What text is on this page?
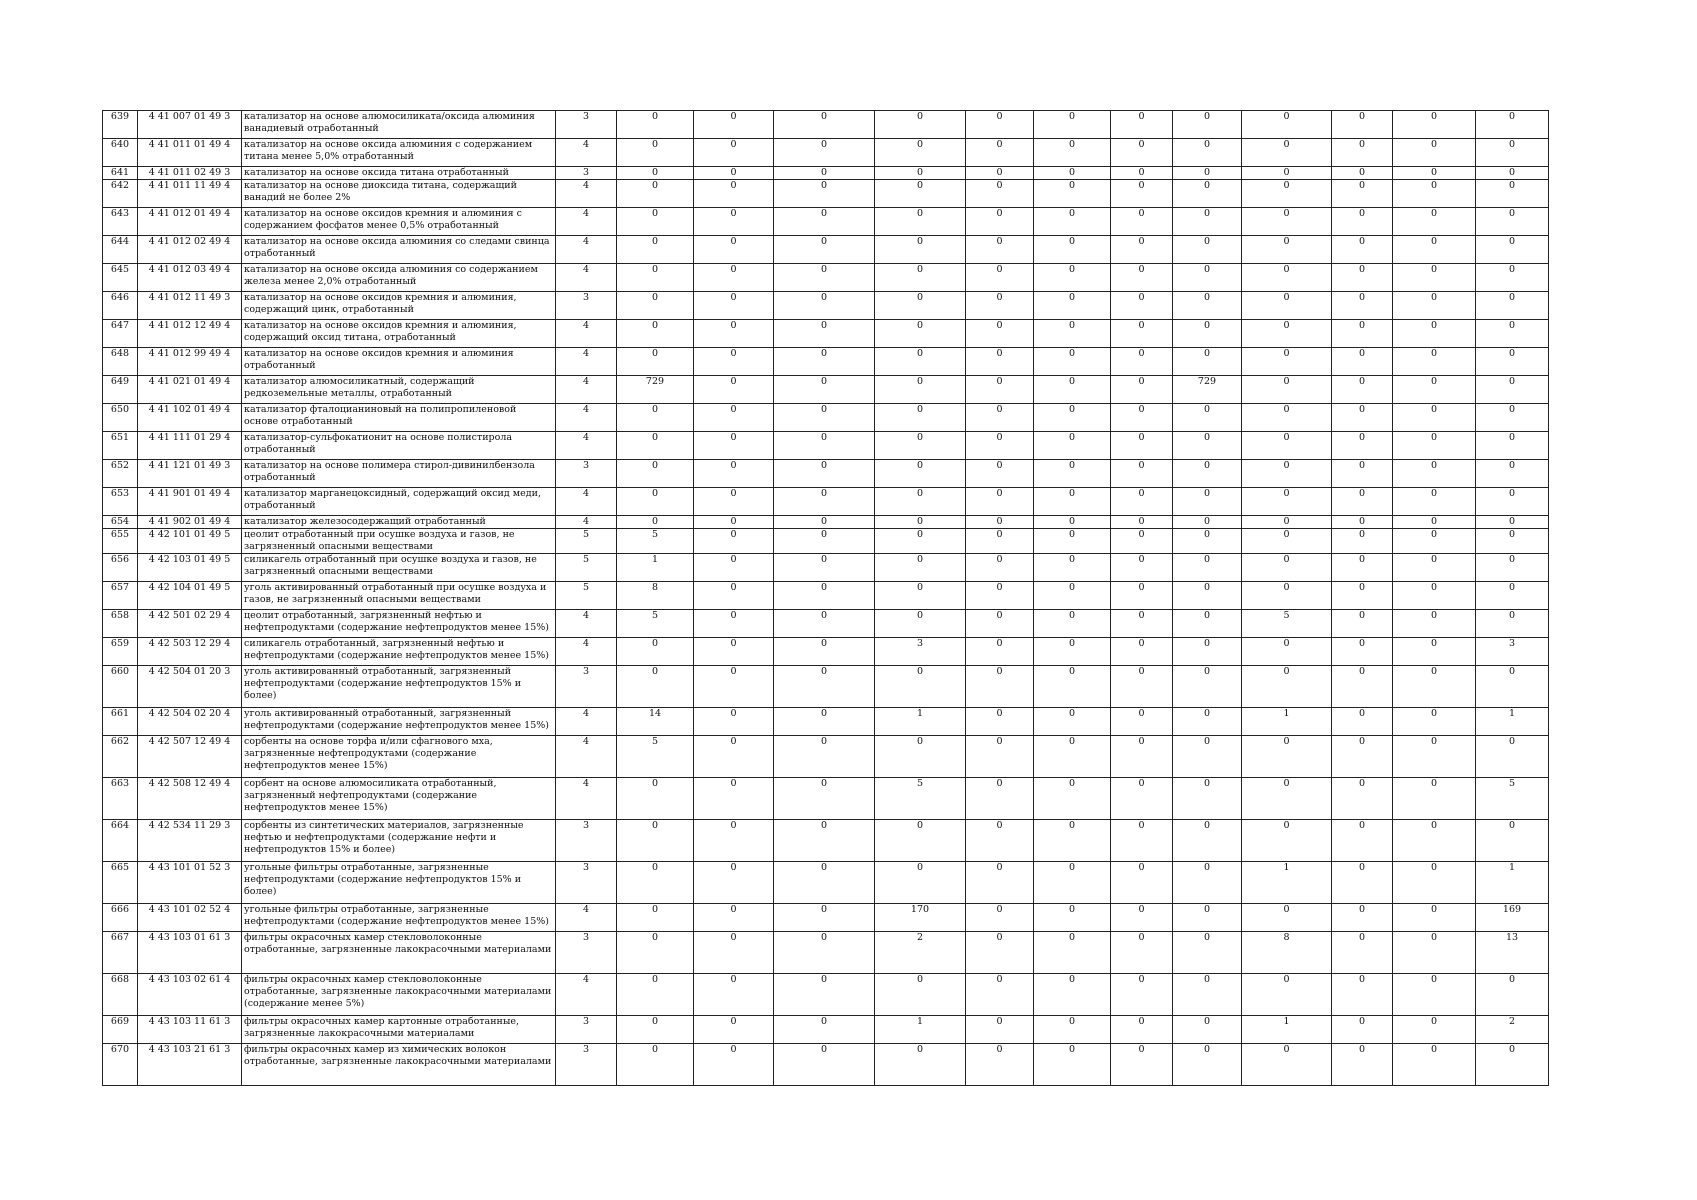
639	4 41 007 01 49 3	катализатор на основе алюмосиликата/оксида алюминия ванадиевый отработанный	3	0	0	0	0	0	0	0	0	0	0	0	0
640	4 41 011 01 49 4	катализатор на основе оксида алюминия с содержанием титана менее 5,0% отработанный	4	0	0	0	0	0	0	0	0	0	0	0	0
641	4 41 011 02 49 3	катализатор на основе оксида титана отработанный	3	0	0	0	0	0	0	0	0	0	0	0	0
642	4 41 011 11 49 4	катализатор на основе диоксида титана, содержащий ванадий не более 2%	4	0	0	0	0	0	0	0	0	0	0	0	0
643	4 41 012 01 49 4	катализатор на основе оксидов кремния и алюминия с содержанием фосфатов менее 0,5% отработанный	4	0	0	0	0	0	0	0	0	0	0	0	0
644	4 41 012 02 49 4	катализатор на основе оксида алюминия со следами свинца отработанный	4	0	0	0	0	0	0	0	0	0	0	0	0
645	4 41 012 03 49 4	катализатор на основе оксида алюминия со содержанием железа менее 2,0% отработанный	4	0	0	0	0	0	0	0	0	0	0	0	0
646	4 41 012 11 49 3	катализатор на основе оксидов кремния и алюминия, содержащий цинк, отработанный	3	0	0	0	0	0	0	0	0	0	0	0	0
647	4 41 012 12 49 4	катализатор на основе оксидов кремния и алюминия, содержащий оксид титана, отработанный	4	0	0	0	0	0	0	0	0	0	0	0	0
648	4 41 012 99 49 4	катализатор на основе оксидов кремния и алюминия отработанный	4	0	0	0	0	0	0	0	0	0	0	0	0
649	4 41 021 01 49 4	катализатор алюмосиликатный, содержащий редкоземельные металлы, отработанный	4	729	0	0	0	0	0	0	729	0	0	0	0
650	4 41 102 01 49 4	катализатор фталоцианиновый на полипропиленовой основе отработанный	4	0	0	0	0	0	0	0	0	0	0	0	0
651	4 41 111 01 29 4	катализатор-сульфокатионит на основе полистирола отработанный	4	0	0	0	0	0	0	0	0	0	0	0	0
652	4 41 121 01 49 3	катализатор на основе полимера стирол-дивинилбензола отработанный	3	0	0	0	0	0	0	0	0	0	0	0	0
653	4 41 901 01 49 4	катализатор марганецоксидный, содержащий оксид меди, отработанный	4	0	0	0	0	0	0	0	0	0	0	0	0
654	4 41 902 01 49 4	катализатор железосодержащий отработанный	4	0	0	0	0	0	0	0	0	0	0	0	0
655	4 42 101 01 49 5	цеолит отработанный при осушке воздуха и газов, не загрязненный опасными веществами	5	5	0	0	0	0	0	0	0	0	0	0	0
656	4 42 103 01 49 5	силикагель отработанный при осушке воздуха и газов, не загрязненный опасными веществами	5	1	0	0	0	0	0	0	0	0	0	0	0
657	4 42 104 01 49 5	уголь активированный отработанный при осушке воздуха и газов, не загрязненный опасными веществами	5	8	0	0	0	0	0	0	0	0	0	0	0
658	4 42 501 02 29 4	цеолит отработанный, загрязненный нефтью и нефтепродуктами (содержание нефтепродуктов менее 15%)	4	5	0	0	0	0	0	0	0	5	0	0	0
659	4 42 503 12 29 4	силикагель отработанный, загрязненный нефтью и нефтепродуктами (содержание нефтепродуктов менее 15%)	4	0	0	0	3	0	0	0	0	0	0	0	3
660	4 42 504 01 20 3	уголь активированный отработанный, загрязненный нефтепродуктами (содержание нефтепродуктов 15% и более)	3	0	0	0	0	0	0	0	0	0	0	0	0
661	4 42 504 02 20 4	уголь активированный отработанный, загрязненный нефтепродуктами (содержание нефтепродуктов менее 15%)	4	14	0	0	1	0	0	0	0	1	0	0	1
662	4 42 507 12 49 4	сорбенты на основе торфа и/или сфагнового мха, загрязненные нефтепродуктами (содержание нефтепродуктов менее 15%)	4	5	0	0	0	0	0	0	0	0	0	0	0
663	4 42 508 12 49 4	сорбент на основе алюмосиликата отработанный, загрязненный нефтепродуктами (содержание нефтепродуктов менее 15%)	4	0	0	0	5	0	0	0	0	0	0	0	5
664	4 42 534 11 29 3	сорбенты из синтетических материалов, загрязненные нефтью и нефтепродуктами (содержание нефти и нефтепродуктов 15% и более)	3	0	0	0	0	0	0	0	0	0	0	0	0
665	4 43 101 01 52 3	угольные фильтры отработанные, загрязненные нефтепродуктами (содержание нефтепродуктов 15% и более)	3	0	0	0	0	0	0	0	0	1	0	0	1
666	4 43 101 02 52 4	угольные фильтры отработанные, загрязненные нефтепродуктами (содержание нефтепродуктов менее 15%)	4	0	0	0	170	0	0	0	0	0	0	0	169
667	4 43 103 01 61 3	фильтры окрасочных камер стекловолоконные отработанные, загрязненные лакокрасочными материалами	3	0	0	0	2	0	0	0	0	8	0	0	13
668	4 43 103 02 61 4	фильтры окрасочных камер стекловолоконные отработанные, загрязненные лакокрасочными материалами (содержание менее 5%)	4	0	0	0	0	0	0	0	0	0	0	0	0
669	4 43 103 11 61 3	фильтры окрасочных камер картонные отработанные, загрязненные лакокрасочными материалами	3	0	0	0	1	0	0	0	0	1	0	0	2
670	4 43 103 21 61 3	фильтры окрасочных камер из химических волокон отработанные, загрязненные лакокрасочными материалами	3	0	0	0	0	0	0	0	0	0	0	0	0
